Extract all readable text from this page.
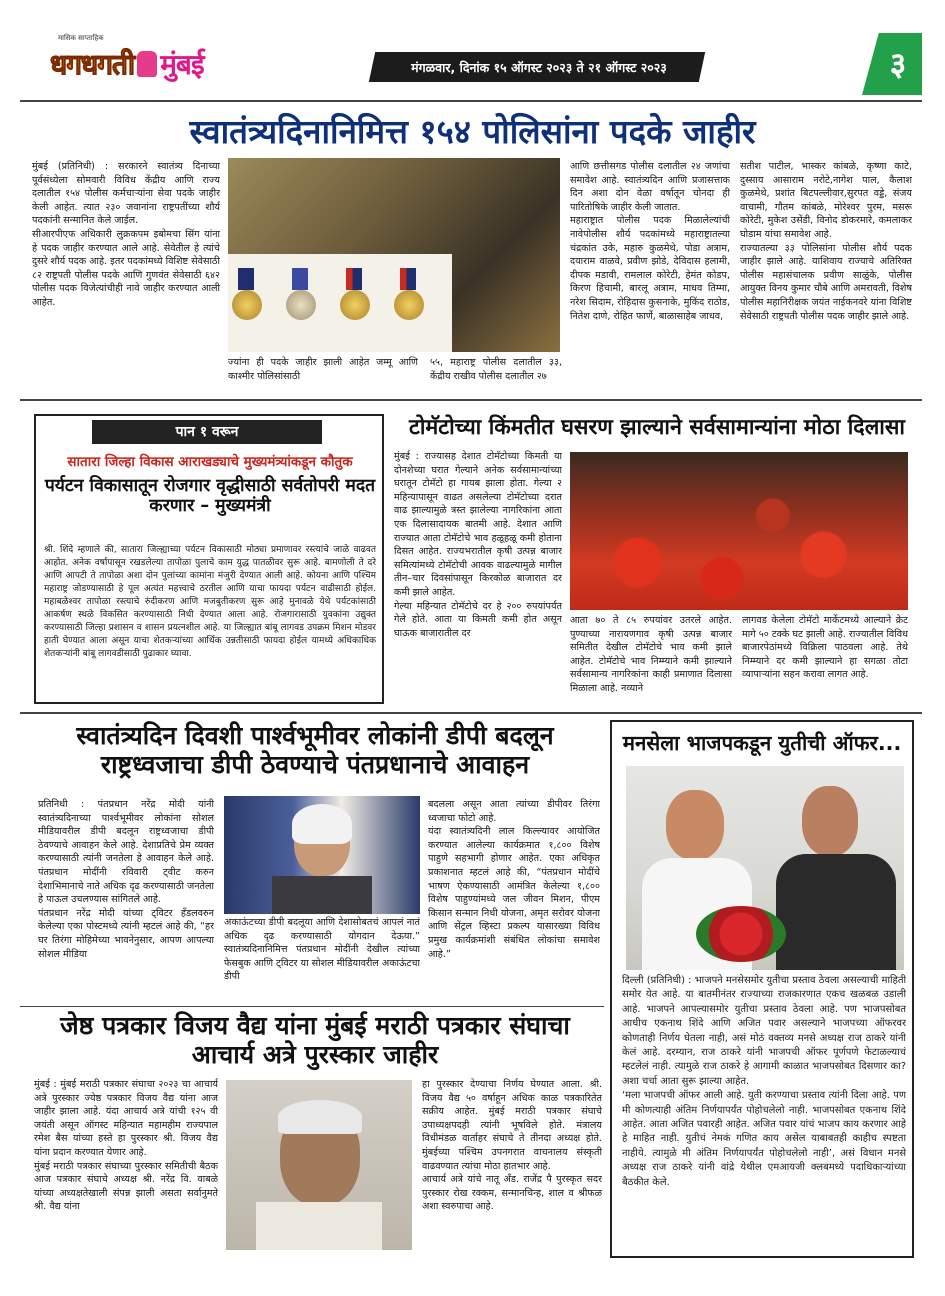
मासिक साप्ताहिक
धगधगती मुंबई	मंगळवार, दिनांक १५ ऑगस्ट २०२३ ते २१ ऑगस्ट २०२३	३
स्वातंत्र्यदिनानिमित्त १५४ पोलिसांना पदके जाहीर
मुंबई (प्रतिनिधी) : सरकारने स्वातंत्र्य दिनाच्या पूर्वसंध्येला सोमवारी विविध केंद्रीय आणि राज्य दलातील १५४ पोलीस कर्मचाऱ्यांना सेवा पदके जाहीर केली आहेत. त्यात २३० जवानांना राष्ट्रपतींच्या शौर्य पदकांनी सन्मानित केले जाईल.
सीआरपीएफ अधिकारी लुक्रकपम इबोमचा सिंग यांना हे पदक जाहीर करण्यात आले आहे. सेवेतील हे त्यांचे दुसरे शौर्य पदक आहे. इतर पदकांमध्ये विशिष्ट सेवेसाठी ८२ राष्ट्रपती पोलीस पदके आणि गुणवंत सेवेसाठी ६४२ पोलीस पदक विजेत्यांचीही नावे जाहीर करण्यात आली आहेत.
ज्यांना ही पदके जाहीर झाली आहेत जम्मू आणि काश्मीर पोलिसांसाठी
५५, महाराष्ट्र पोलीस दलातील ३३, केंद्रीय राखीव पोलीस दलातील २७
आणि छत्तीसगड पोलीस दलातील २४ जणांचा समावेश आहे. स्वातंत्र्यदिन आणि प्रजासत्ताक दिन अशा दोन वेळा वर्षातून चोनदा ही पारितोषिके जाहीर केली जातात.
महाराष्ट्रात पोलीस पदक मिळालेल्यांची नावेपोलीस शौर्य पदकांमध्ये महाराष्ट्रातल्या चंद्रकांत उके, महारु कुळमेथे, पोडा अत्राम, दयाराम वाळवे, प्रवीण झोडे, देविदास हलामी, दीपक मडावी, रामलाल कोरेटी, हेमंत कोडप, किरण हिचामी, बारलू अत्राम, माधव तिम्मा, नरेश सिदाम, रोहिदास कुसनाके, मुकिंद राठोड, नितेश दाणे, रोहित फार्णे, बाळासाहेब जाधव,
सतीश पाटील, भास्कर कांबळे, कृष्णा काटे, दुस्साय आसाराम नरोटे,नागेश पाल, कैलाश कुळमेथे, प्रशांत बिटपल्लीवार,सुरपत वड्डे, संजय वाचामी, गौतम कांबळे, मोरेश्वर पुरम, मसरू कोरेटी, मुकेश उसेंडी, विनोद डोकरमारे, कमलाकर घोडाम यांचा समावेश आहे.
राज्यातल्या ३३ पोलिसांना पोलीस शौर्य पदक जाहीर झाले आहे. याशिवाय राज्याचे अतिरिक्त पोलीस महासंचालक प्रवीण साळुंके, पोलीस आयुक्त विनय कुमार चौबे आणि अमरावती, विशेष पोलीस महानिरीक्षक जयंत नाईकनवरे यांना विशिष्ट सेवेसाठी राष्ट्रपती पोलीस पदक जाहीर झाले आहे.
पान १ वरून
सातारा जिल्हा विकास आराखड्याचे मुख्यमंत्र्यांकडून कौतुक
पर्यटन विकासातून रोजगार वृद्धीसाठी सर्वतोपरी मदत करणार – मुख्यमंत्री
श्री. शिंदे म्हणाले की, सातारा जिल्ह्याच्या पर्यटन विकासाठी मोठ्या प्रमाणावर रस्त्यांचे जाळे वाढवत आहोत. अनेक वर्षापासून रखडलेल्या तापोळा पुलाचे काम युद्ध पातळीवर सुरू आहे. बामणोली ते दरे आणि आपटी ते तापोळा अशा दोन पुलांच्या कामांना मंजुरी देण्यात आली आहे. कोयना आणि पश्चिम महाराष्ट्र जोडण्यासाठी हे पूल अत्यंत महत्त्वाचे ठरतील आणि याचा फायदा पर्यटन वाढीसाठी होईल. महाबळेश्वर तापोळा रस्त्याचे रुंदीकरण आणि मजबुतीकरण सुरू आहे मुनावळे येथे पर्यटकांसाठी आकर्षण स्थळे विकसित करण्यासाठी निधी देण्यात आला आहे. रोजगारासाठी युवकांना उद्युक्त करण्यासाठी जिल्हा प्रशासन व शासन प्रयत्नशील आहे. या जिल्ह्यात बांबू लागवड उपक्रम मिशन मोडवर हाती घेण्यात आला असून याचा शेतकऱ्यांच्या आर्थिक उन्नतीसाठी फायदा होईल यामध्ये अधिकाधिक शेतकऱ्यांनी बांबू लागवडीसाठी पुढाकार घ्यावा.
टोमॅटोच्या किंमतीत घसरण झाल्याने सर्वसामान्यांना मोठा दिलासा
मुंबई : राज्यासह देशात टोमॅटोच्या किमती या दोनशेच्या घरात गेल्याने अनेक सर्वसामान्यांच्या घरातून टोमॅटो हा गायब झाला होता. गेल्या २ महिन्यापासून वाढत असलेल्या टोमॅटोच्या दरात वाढ झाल्यामुळे त्रस्त झालेल्या नागरिकांना आता एक दिलासादायक बातमी आहे. देशात आणि राज्यात आता टोमॅटोचे भाव हळूहळू कमी होताना दिसत आहेत. राज्यभरातील कृषी उत्पन्न बाजार समित्यांमध्ये टोमॅटोची आवक वाढल्यामुळे मागील तीन–चार दिवसांपासून किरकोळ बाजारात दर कमी झाले आहेत.
गेल्या महिन्यात टोमॅटोचे दर हे २०० रुपयांपर्यंत गेले होते. आता या किमती कमी होत असून घाऊक बाजारातील दर
आता ७० ते ८५ रुपयांवर उतरले आहेत. पुण्याच्या नारायणगाव कृषी उत्पन्न बाजार समितीत देखील टोमॅटोचे भाव कमी झाले आहेत. टोमॅटोचे भाव निम्म्याने कमी झाल्याने सर्वसामान्य नागरिकांना काही प्रमाणात दिलासा मिळाला आहे. नव्याने
लागवड केलेला टोमॅटो मार्केटमध्ये आल्याने क्रेट मागे ५० टक्के घट झाली आहे. राज्यातील विविध बाजारपेठांमध्ये विक्रिला पाठवला आहे. तेथे निम्म्याने दर कमी झाल्याने हा सगळा तोटा व्यापाऱ्यांना सहन करावा लागत आहे.
स्वातंत्र्यदिन दिवशी पार्श्वभूमीवर लोकांनी डीपी बदलून राष्ट्रध्वजाचा डीपी ठेवण्याचे पंतप्रधानाचे आवाहन
प्रतिनिधी : पंतप्रधान नरेंद्र मोदी यांनी स्वातंत्र्यदिनाच्या पार्श्वभूमीवर लोकांना सोशल मीडियावरील डीपी बदलून राष्ट्रध्वजाचा डीपी ठेवण्याचे आवाहन केले आहे. देशाप्रतिचे प्रेम व्यक्त करण्यासाठी त्यांनी जनतेला हे आवाहन केले आहे. पंतप्रधान मोदींनी रविवारी ट्वीट करुन देशाभिमानाचे नाते अधिक दृढ करण्यासाठी जनतेला हे पाऊल उचलण्यास सांगितले आहे.
पंतप्रधान नरेंद्र मोदी यांच्या ट्विटर हँडलवरुन केलेल्या एका पोस्टमध्ये त्यांनी म्हटलं आहे की, “हर घर तिरंगा मोहिमेच्या भावनेनुसार, आपण आपल्या सोशल मीडिया
अकाऊंटच्या डीपी बदलूया आणि देशासोबतचं आपलं नातं अधिक दृढ करण्यासाठी योगदान देऊया.” स्वातंत्र्यदिनानिमित्त पंतप्रधान मोदींनी देखील त्यांच्या फेसबुक आणि ट्विटर या सोशल मीडियावरील अकाऊंटचा डीपी
बदलला असून आता त्यांच्या डीपीवर तिरंगा ध्वजाचा फोटो आहे.
यंदा स्वातंत्र्यदिनी लाल किल्ल्यावर आयोजित करण्यात आलेल्या कार्यक्रमात १,८०० विशेष पाहुणे सहभागी होणार आहेत. एका अधिकृत प्रकाशनात म्हटलं आहे की, “पंतप्रधान मोदींचे भाषण ऐकण्यासाठी आमंत्रित केलेल्या १,८०० विशेष पाहुण्यांमध्ये जल जीवन मिशन, पीएम किसान सन्मान निधी योजना, अमृत सरोवर योजना आणि सेंट्रल व्हिस्टा प्रकल्प यासारख्या विविध प्रमुख कार्यक्रमांशी संबंधित लोकांचा समावेश आहे.”
मनसेला भाजपकडून युतीची ऑफर...
दिल्ली (प्रतिनिधी) : भाजपने मनसेसमोर युतीचा प्रस्ताव ठेवला असल्याची माहिती समोर येत आहे. या बातमीनंतर राज्याच्या राजकारणात एकच खळबळ उडाली आहे. भाजपने आपल्यासमोर युतीचा प्रस्ताव ठेवला आहे. पण भाजपसोबत आधीच एकनाथ शिंदे आणि अजित पवार असल्याने भाजपच्या ऑफरवर कोणताही निर्णय घेतला नाही, असं मोठं वक्तव्य मनसे अध्यक्ष राज ठाकरे यांनी केलं आहे. दरम्यान, राज ठाकरे यांनी भाजपची ऑफर पूर्णपणे फेटाळल्याचं म्हटलेलं नाही. त्यामुळे राज ठाकरे हे आगामी काळात भाजपसोबत दिसणार का? अशा चर्चा आता सुरू झाल्या आहेत.
‘मला भाजपची ऑफर आली आहे. युती करण्याचा प्रस्ताव त्यांनी दिला आहे. पण मी कोणत्याही अंतिम निर्णयापर्यंत पोहोचलेलो नाही. भाजपसोबत एकनाथ शिंदे आहेत. आता अजित पवारही आहेत. अजित पवार यांचं भाजप काय करणार आहे हे माहित नाही. युतीचं नेमकं गणित काय असेल याबाबतही काहीच स्पष्टता नाहीये. त्यामुळे मी अंतिम निर्णयापर्यंत पोहोचलेलो नाही’, असं विधान मनसे अध्यक्ष राज ठाकरे यांनी वांद्रे येथील एमआयजी क्लबमध्ये पदाधिकाऱ्यांच्या बैठकीत केले.
जेष्ठ पत्रकार विजय वैद्य यांना मुंबई मराठी पत्रकार संघाचा आचार्य अत्रे पुरस्कार जाहीर
मुंबई : मुंबई मराठी पत्रकार संघाचा २०२३ चा आचार्य अत्रे पुरस्कार ज्येष्ठ पत्रकार विजय वैद्य यांना आज जाहीर झाला आहे. यंदा आचार्य अत्रे यांची १२५ वी जयंती असून ऑगस्ट महिन्यात महामहीम राज्यपाल रमेश बैस यांच्या हस्ते हा पुरस्कार श्री. विजय वैद्य यांना प्रदान करण्यात येणार आहे.
मुंबई मराठी पत्रकार संघाच्या पुरस्कार समितीची बैठक आज पत्रकार संघाचे अध्यक्ष श्री. नरेंद्र वि. वाबळे यांच्या अध्यक्षतेखाली संपन्न झाली असता सर्वानुमते श्री. वैद्य यांना
हा पुरस्कार देण्याचा निर्णय घेण्यात आला. श्री. विजय वैद्य ५० वर्षाहून अधिक काळ पत्रकारितेत सक्रीय आहेत. मुंबई मराठी पत्रकार संघाचे उपाध्यक्षपदही त्यांनी भूषविले होते. मंत्रालय विधीमंडळ वार्ताहर संघाचे ते तीनदा अध्यक्ष होते. मुंबईच्या पश्चिम उपनगरात वाचनालय संस्कृती वाढवण्यात त्यांचा मोठा हातभार आहे.
आचार्य अत्रे यांचे नातू अँड. राजेंद्र पै पुरस्कृत सदर पुरस्कार रोख रक्कम, सन्मानचिन्ह, शाल व श्रीफळ अशा स्वरुपाचा आहे.
